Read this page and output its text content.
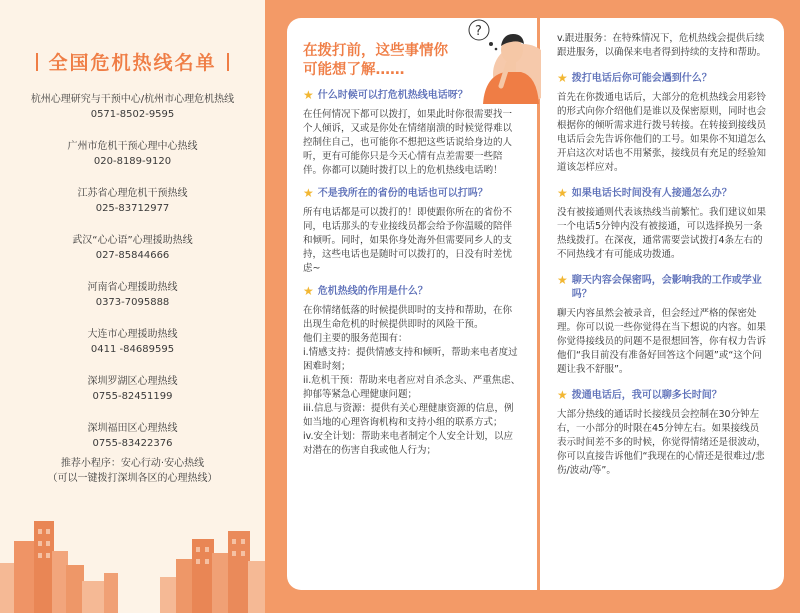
全国危机热线名单
杭州心理研究与干预中心/杭州市心理危机热线
0571-8502-9595
广州市危机干预心理中心热线
020-8189-9120
江苏省心理危机干预热线
025-83712977
武汉“心心语”心理援助热线
027-85844666
河南省心理援助热线
0373-7095888
大连市心理援助热线
0411 -84689595
深圳罗湖区心理热线
0755-82451199
深圳福田区心理热线
0755-83422376
推荐小程序：安心行动·安心热线
（可以一键拨打深圳各区的心理热线）
在拨打前，这些事情你可能想了解……
?
★ 什么时候可以打危机热线电话呀？
在任何情况下都可以拨打，如果此时你很需要找一个人倾诉，又或是你处在情绪崩溃的时候觉得难以控制住自己，也可能你不想把这些话说给身边的人听，更有可能你只是今天心情有点差需要一些陪伴。你都可以随时拨打以上的危机热线电话哟！
★ 不是我所在的省份的电话也可以打吗？
所有电话都是可以拨打的！即使跟你所在的省份不同，电话那头的专业接线员都会给予你温暖的陪伴和倾听。同时，如果你身处海外但需要同乡人的支持，这些电话也是随时可以拨打的，日没有时差忧虑~
★ 危机热线的作用是什么？
在你情绪低落的时候提供即时的支持和帮助，在你出现生命危机的时候提供即时的风险干预。
他们主要的服务范围有：
i.情感支持：提供情感支持和倾听，帮助来电者度过困难时刻；
ii.危机干预：帮助来电者应对自杀念头、严重焦虑、抑郁等紧急心理健康问题；
iii.信息与资源：提供有关心理健康资源的信息，例如当地的心理咨询机构和支持小组的联系方式；
iv.安全计划：帮助来电者制定个人安全计划，以应对潜在的伤害自我或他人行为；
v.跟进服务：在特殊情况下，危机热线会提供后续跟进服务，以确保来电者得到持续的支持和帮助。
★ 拨打电话后你可能会遇到什么？
首先在你拨通电话后，大部分的危机热线会用彩铃的形式向你介绍他们是谁以及保密原则，同时也会根据你的倾听需求进行拨号转接。在转接到接线员电话后会先告诉你他们的工号。如果你不知道怎么开启这次对话也不用紧张，接线员有充足的经验知道该怎样应对。
★ 如果电话长时间没有人接通怎么办？
没有被接通则代表该热线当前繁忙。我们建议如果一个电话5分钟内没有被接通，可以选择换另一条热线拨打。在深夜，通常需要尝试拨打4条左右的不同热线才有可能成功拨通。
★ 聊天内容会保密吗，会影响我的工作或学业吗？
聊天内容虽然会被录音，但会经过严格的保密处理。你可以说一些你觉得在当下想说的内容。如果你觉得接线员的问题不是很想回答，你有权力告诉他们“我目前没有准备好回答这个问题”或“这个问题让我不舒服”。
★ 拨通电话后，我可以聊多长时间？
大部分热线的通话时长接线员会控制在30分钟左右，一小部分的时限在45分钟左右。如果接线员表示时间差不多的时候，你觉得情绪还是很波动，你可以直接告诉他们“我现在的心情还是很难过/悲伤/波动/等”。
